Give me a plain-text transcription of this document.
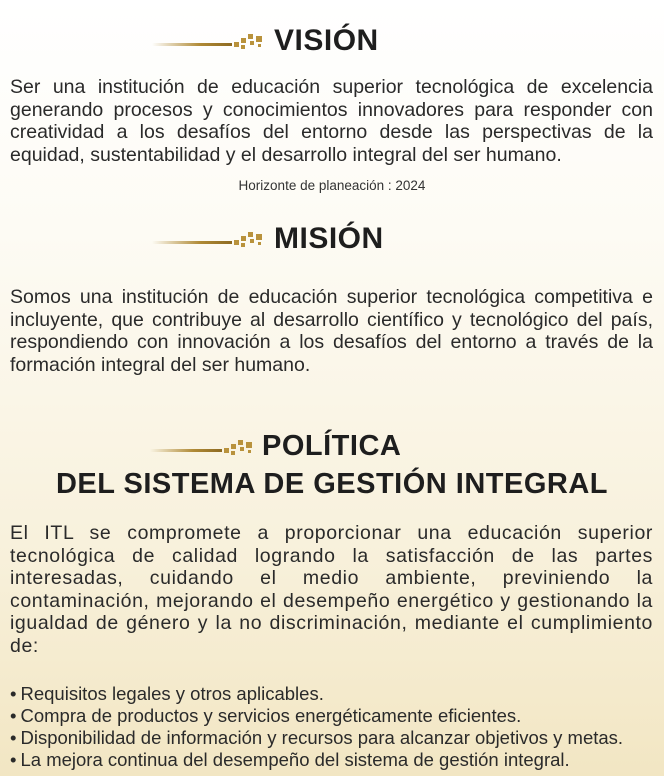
VISIÓN

Ser una institución de educación superior tecnológica de excelencia generando procesos y conocimientos innovadores para responder con creatividad a los desafíos del entorno desde las perspectivas de la equidad, sustentabilidad y el desarrollo integral del ser humano.

Horizonte de planeación : 2024
MISIÓN

Somos una institución de educación superior tecnológica competitiva e incluyente, que contribuye al desarrollo científico y tecnológico del país, respondiendo con innovación a los desafíos del entorno a través de la formación integral del ser humano.

POLÍTICA
DEL SISTEMA DE GESTIÓN INTEGRAL

El ITL se compromete a proporcionar una educación superior tecnológica de calidad logrando la satisfacción de las partes interesadas, cuidando el medio ambiente, previniendo la contaminación, mejorando el desempeño energético y gestionando la igualdad de género y la no discriminación, mediante el cumplimiento de:

• Requisitos legales y otros aplicables.
• Compra de productos y servicios energéticamente eficientes.
• Disponibilidad de información y recursos para alcanzar objetivos y metas.
• La mejora continua del desempeño del sistema de gestión integral.
